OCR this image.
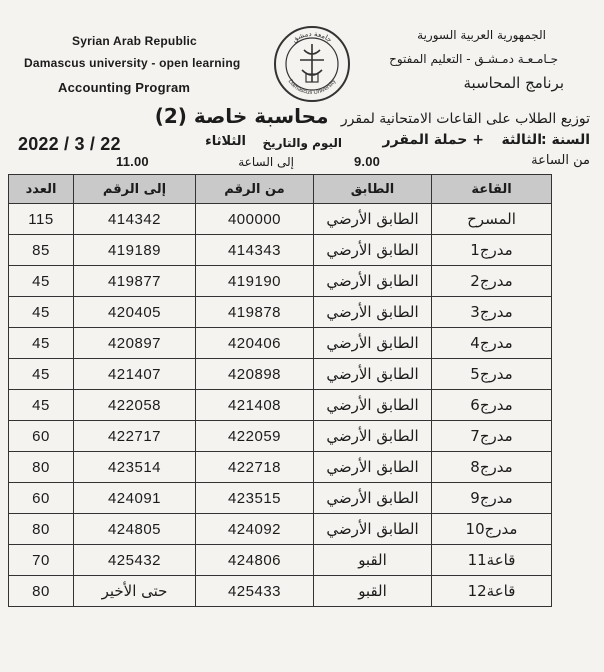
Syrian Arab Republic
Damascus university - open learning
Accounting Program
جامعة دمشق
Damascus University
الجمهورية العربية السورية
جـامـعـة دمـشـق - التعليم المفتوح
برنامج المحاسبة
توزيع الطلاب على القاعات الامتحانية لمقرر محاسبة خاصة (2)
السنة :
الثالثة
+ حملة المقرر
اليوم والتاريخ
الثلاثاء
2022 / 3 / 22
من الساعة
9.00
إلى الساعة
11.00
القاعة	الطابق	من الرقم	إلى الرقم	العدد
المسرح	الطابق الأرضي	400000	414342	115
مدرج1	الطابق الأرضي	414343	419189	85
مدرج2	الطابق الأرضي	419190	419877	45
مدرج3	الطابق الأرضي	419878	420405	45
مدرج4	الطابق الأرضي	420406	420897	45
مدرج5	الطابق الأرضي	420898	421407	45
مدرج6	الطابق الأرضي	421408	422058	45
مدرج7	الطابق الأرضي	422059	422717	60
مدرج8	الطابق الأرضي	422718	423514	80
مدرج9	الطابق الأرضي	423515	424091	60
مدرج10	الطابق الأرضي	424092	424805	80
قاعة11	القبو	424806	425432	70
قاعة12	القبو	425433	حتى الأخير	80
